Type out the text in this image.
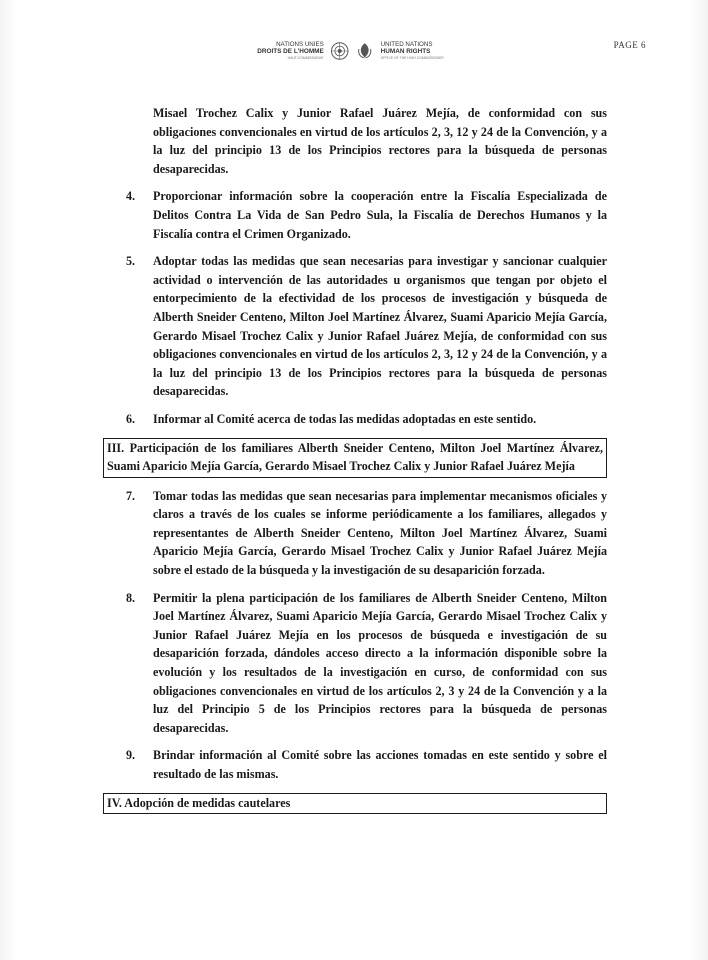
PAGE 6
NATIONS UNIES
DROITS DE L'HOMME
HAUT-COMMISSARIAT
UNITED NATIONS
HUMAN RIGHTS
OFFICE OF THE HIGH COMMISSIONER
Misael Trochez Calix y Junior Rafael Juárez Mejía, de conformidad con sus obligaciones convencionales en virtud de los artículos 2, 3, 12 y 24 de la Convención, y a la luz del principio 13 de los Principios rectores para la búsqueda de personas desaparecidas.
4. Proporcionar información sobre la cooperación entre la Fiscalía Especializada de Delitos Contra La Vida de San Pedro Sula, la Fiscalía de Derechos Humanos y la Fiscalía contra el Crimen Organizado.
5. Adoptar todas las medidas que sean necesarias para investigar y sancionar cualquier actividad o intervención de las autoridades u organismos que tengan por objeto el entorpecimiento de la efectividad de los procesos de investigación y búsqueda de Alberth Sneider Centeno, Milton Joel Martínez Álvarez, Suami Aparicio Mejía García, Gerardo Misael Trochez Calix y Junior Rafael Juárez Mejía, de conformidad con sus obligaciones convencionales en virtud de los artículos 2, 3, 12 y 24 de la Convención, y a la luz del principio 13 de los Principios rectores para la búsqueda de personas desaparecidas.
6. Informar al Comité acerca de todas las medidas adoptadas en este sentido.
III. Participación de los familiares Alberth Sneider Centeno, Milton Joel Martínez Álvarez, Suami Aparicio Mejía García, Gerardo Misael Trochez Calix y Junior Rafael Juárez Mejía
7. Tomar todas las medidas que sean necesarias para implementar mecanismos oficiales y claros a través de los cuales se informe periódicamente a los familiares, allegados y representantes de Alberth Sneider Centeno, Milton Joel Martínez Álvarez, Suami Aparicio Mejía García, Gerardo Misael Trochez Calix y Junior Rafael Juárez Mejía sobre el estado de la búsqueda y la investigación de su desaparición forzada.
8. Permitir la plena participación de los familiares de Alberth Sneider Centeno, Milton Joel Martínez Álvarez, Suami Aparicio Mejía García, Gerardo Misael Trochez Calix y Junior Rafael Juárez Mejía en los procesos de búsqueda e investigación de su desaparición forzada, dándoles acceso directo a la información disponible sobre la evolución y los resultados de la investigación en curso, de conformidad con sus obligaciones convencionales en virtud de los artículos 2, 3 y 24 de la Convención y a la luz del Principio 5 de los Principios rectores para la búsqueda de personas desaparecidas.
9. Brindar información al Comité sobre las acciones tomadas en este sentido y sobre el resultado de las mismas.
IV. Adopción de medidas cautelares
